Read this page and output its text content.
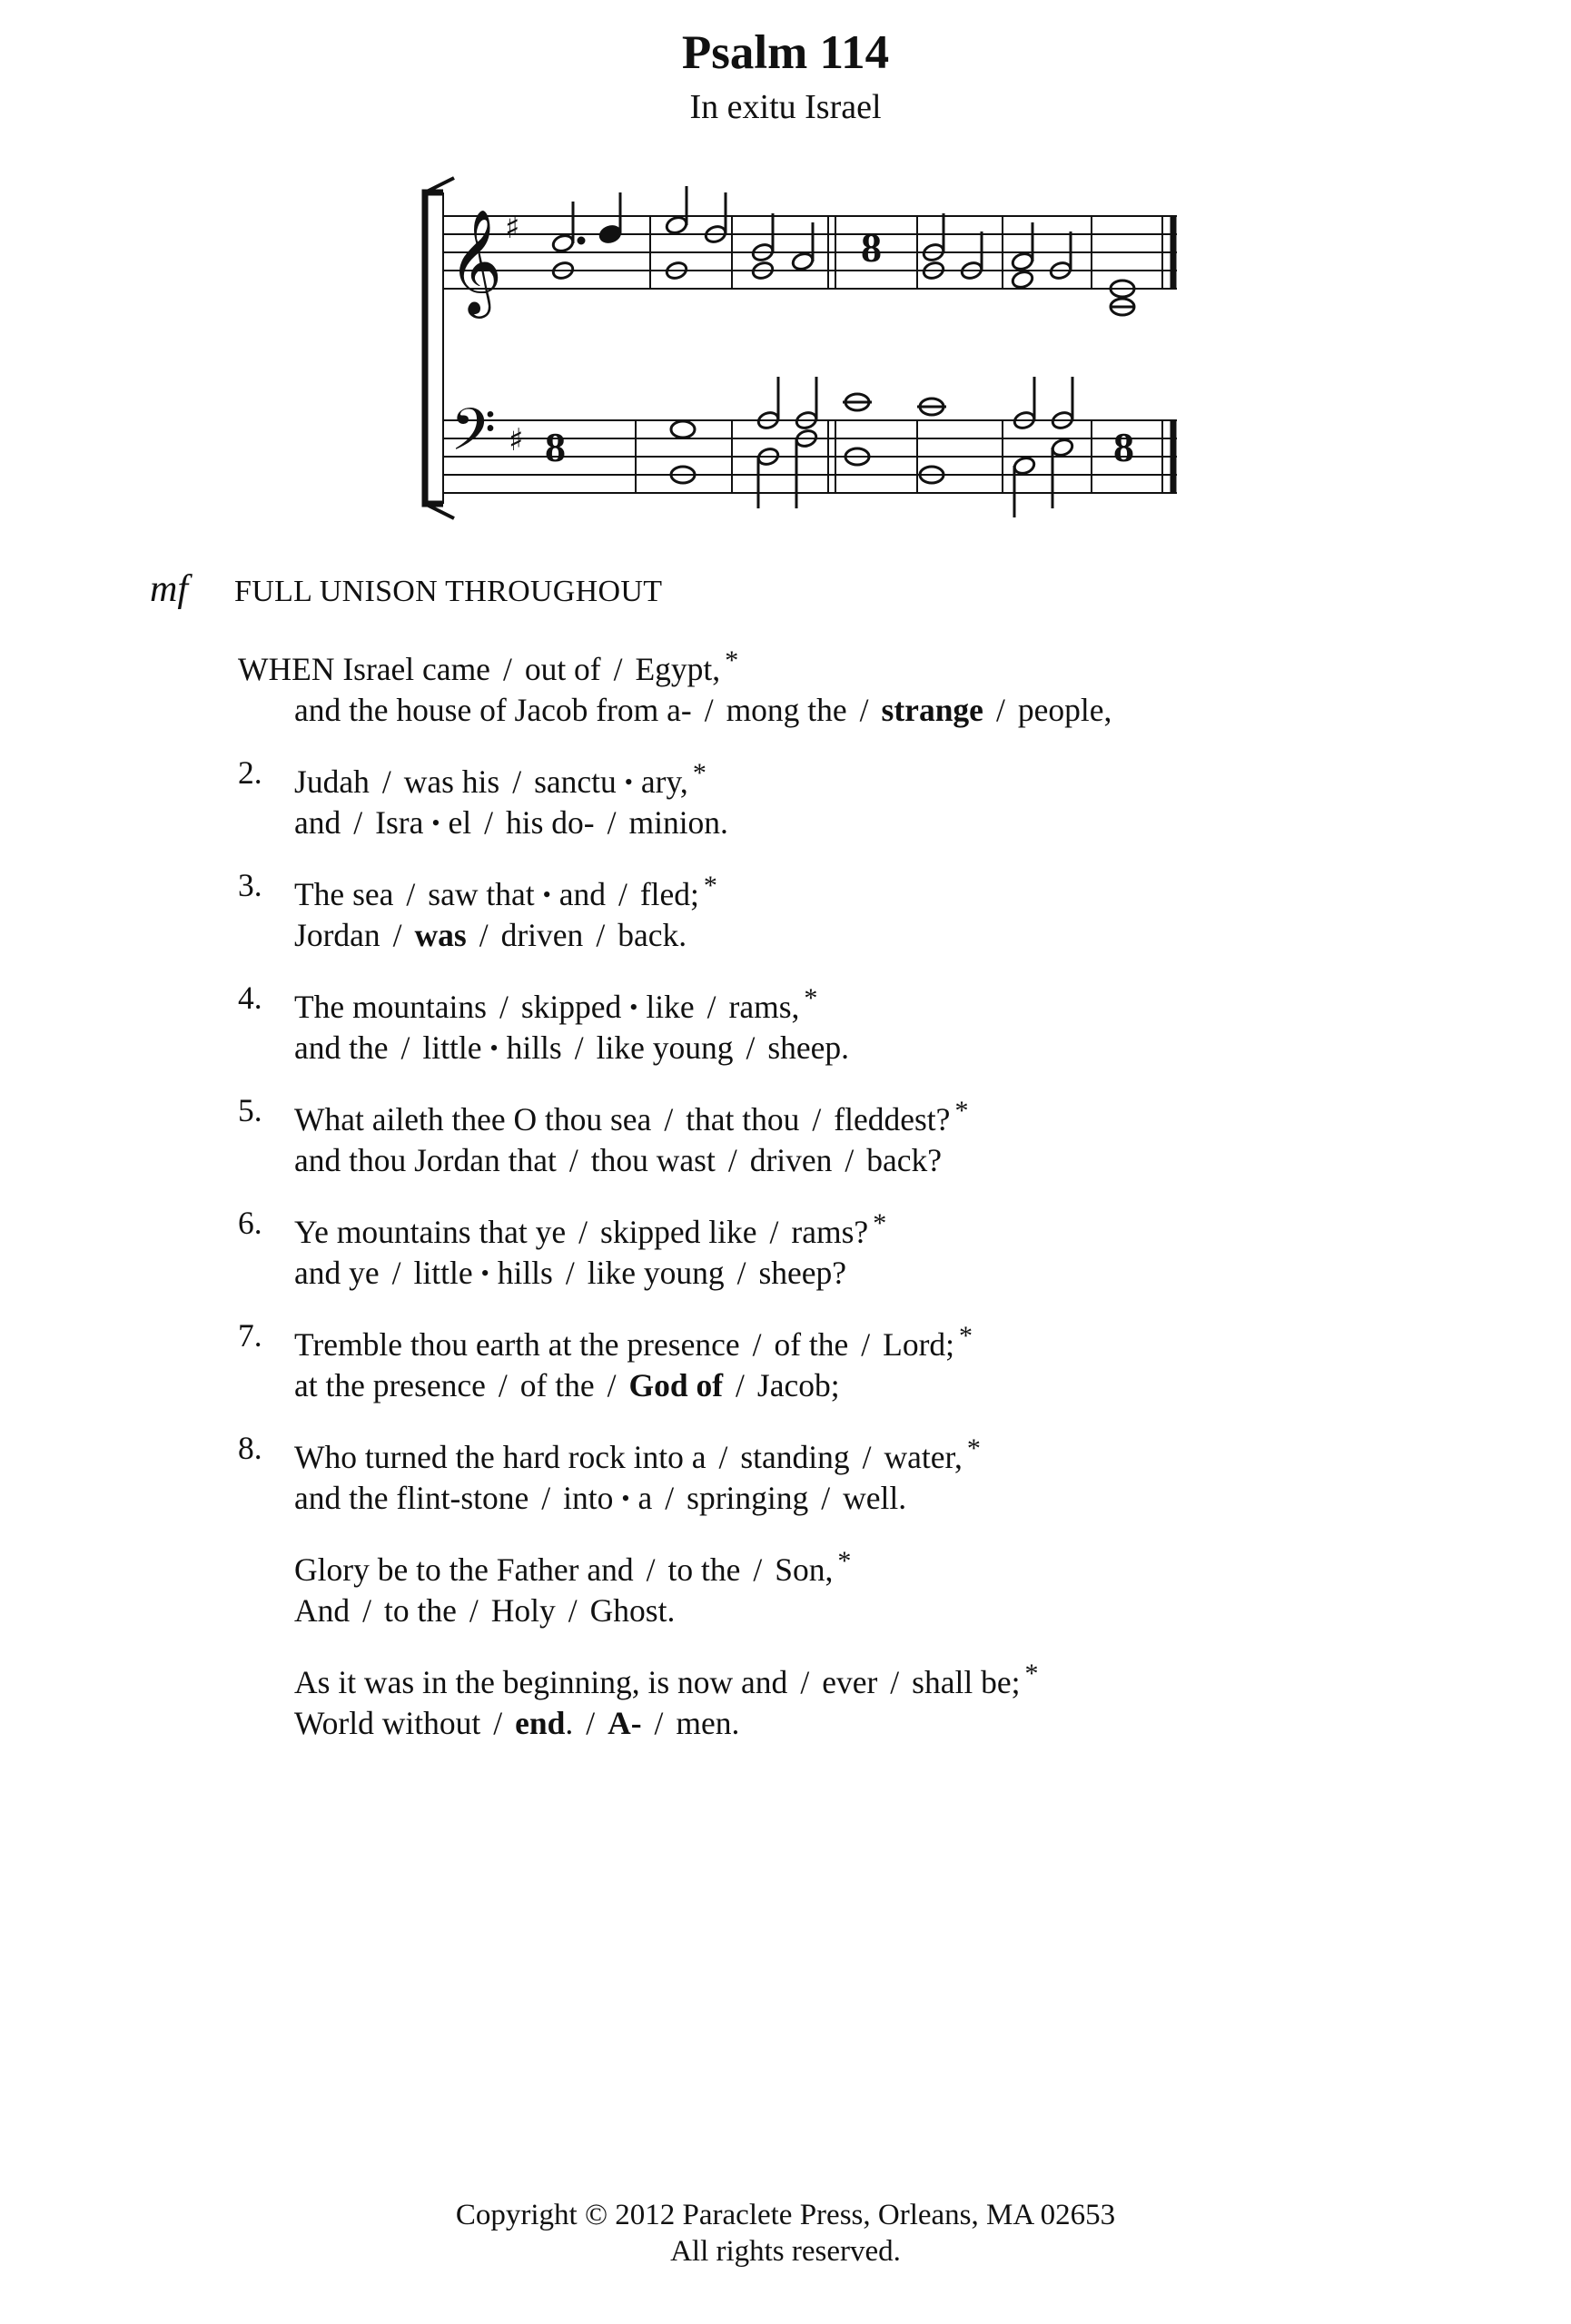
Psalm 114
In exitu Israel
𝄞 ♯
𝄢 ♯ 8
8
8
mf FULL UNISON THROUGHOUT
WHEN Israel came / out of / Egypt, *
and the house of Jacob from a- / mong the / strange / people,
2. Judah / was his / sanctu • ary, *
and / Isra • el / his do- / minion.
3. The sea / saw that • and / fled; *
Jordan / was / driven / back.
4. The mountains / skipped • like / rams, *
and the / little • hills / like young / sheep.
5. What aileth thee O thou sea / that thou / fleddest? *
and thou Jordan that / thou wast / driven / back?
6. Ye mountains that ye / skipped like / rams? *
and ye / little • hills / like young / sheep?
7. Tremble thou earth at the presence / of the / Lord; *
at the presence / of the / God of / Jacob;
8. Who turned the hard rock into a / standing / water, *
and the flint-stone / into • a / springing / well.
Glory be to the Father and / to the / Son, *
And / to the / Holy / Ghost.
As it was in the beginning, is now and / ever / shall be; *
World without / end. / A- / men.
Copyright © 2012 Paraclete Press, Orleans, MA 02653
All rights reserved.
